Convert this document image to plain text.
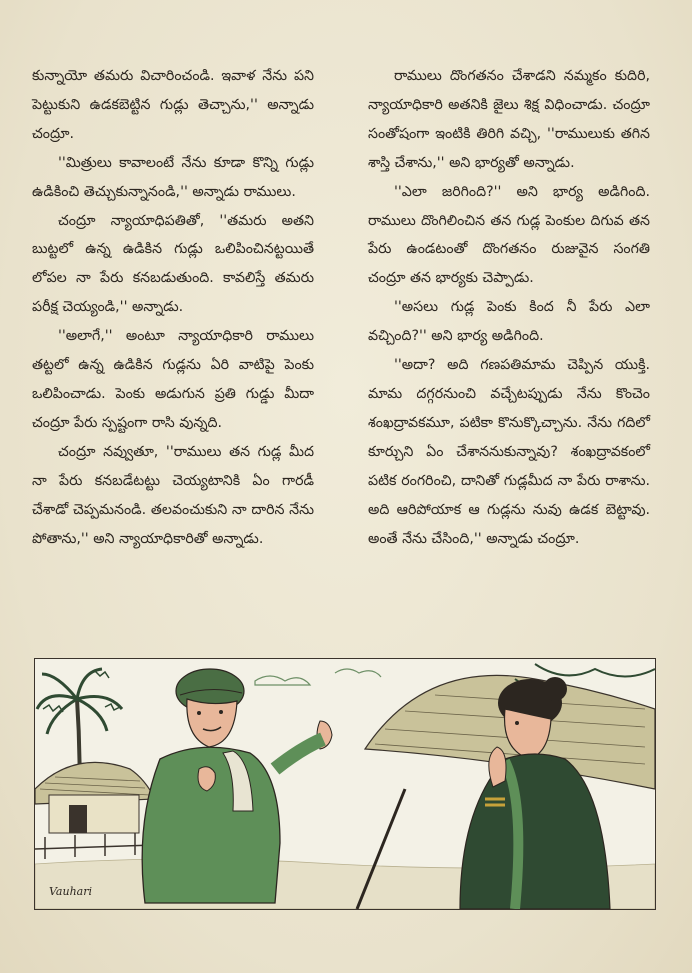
కున్నాయో తమరు విచారించండి. ఇవాళ నేను పని పెట్టుకుని ఉడకబెట్టిన గుడ్లు తెచ్చాను,'' అన్నాడు చంద్రూ.

''మిత్రులు కావాలంటే నేను కూడా కొన్ని గుడ్లు ఉడికించి తెచ్చుకున్నానండి,'' అన్నాడు రాములు.

చంద్రూ న్యాయాధిపతితో, ''తమరు అతని బుట్టలో ఉన్న ఉడికిన గుడ్లు ఒలిపించినట్టయితే లోపల నా పేరు కనబడుతుంది. కావలిస్తే తమరు పరీక్ష చెయ్యండి,'' అన్నాడు.

''అలాగే,'' అంటూ న్యాయాధికారి రాములు తట్టలో ఉన్న ఉడికిన గుడ్లను ఏరి వాటిపై పెంకు ఒలిపించాడు. పెంకు అడుగున ప్రతి గుడ్డు మీదా చంద్రూ పేరు స్పష్టంగా రాసి వున్నది.

చంద్రూ నవ్వుతూ, ''రాములు తన గుడ్ల మీద నా పేరు కనబడేటట్టు చెయ్యటానికి ఏం గారడీ చేశాడో చెప్పమనండి. తలవంచుకుని నా దారిన నేను పోతాను,'' అని న్యాయాధికారితో అన్నాడు.

రాములు దొంగతనం చేశాడని నమ్మకం కుదిరి, న్యాయాధికారి అతనికి జైలు శిక్ష విధించాడు. చంద్రూ సంతోషంగా ఇంటికి తిరిగి వచ్చి, ''రాములుకు తగిన శాస్తి చేశాను,'' అని భార్యతో అన్నాడు.

''ఎలా జరిగింది?'' అని భార్య అడిగింది. రాములు దొంగిలించిన తన గుడ్ల పెంకుల దిగువ తన పేరు ఉండటంతో దొంగతనం రుజువైన సంగతి చంద్రూ తన భార్యకు చెప్పాడు.

''అసలు గుడ్ల పెంకు కింద నీ పేరు ఎలా వచ్చింది?'' అని భార్య అడిగింది.

''అదా? అది గణపతిమామ చెప్పిన యుక్తి. మామ దగ్గరనుంచి వచ్చేటప్పుడు నేను కొంచెం శంఖద్రావకమూ, పటికా కొనుక్కొచ్చాను. నేను గదిలో కూర్చుని ఏం చేశాననుకున్నావు? శంఖద్రావకంలో పటిక రంగరించి, దానితో గుడ్లమీద నా పేరు రాశాను. అది ఆరిపోయాక ఆ గుడ్లను నువు ఉడక బెట్టావు. అంతే నేను చేసింది,'' అన్నాడు చంద్రూ.

Vauhari
